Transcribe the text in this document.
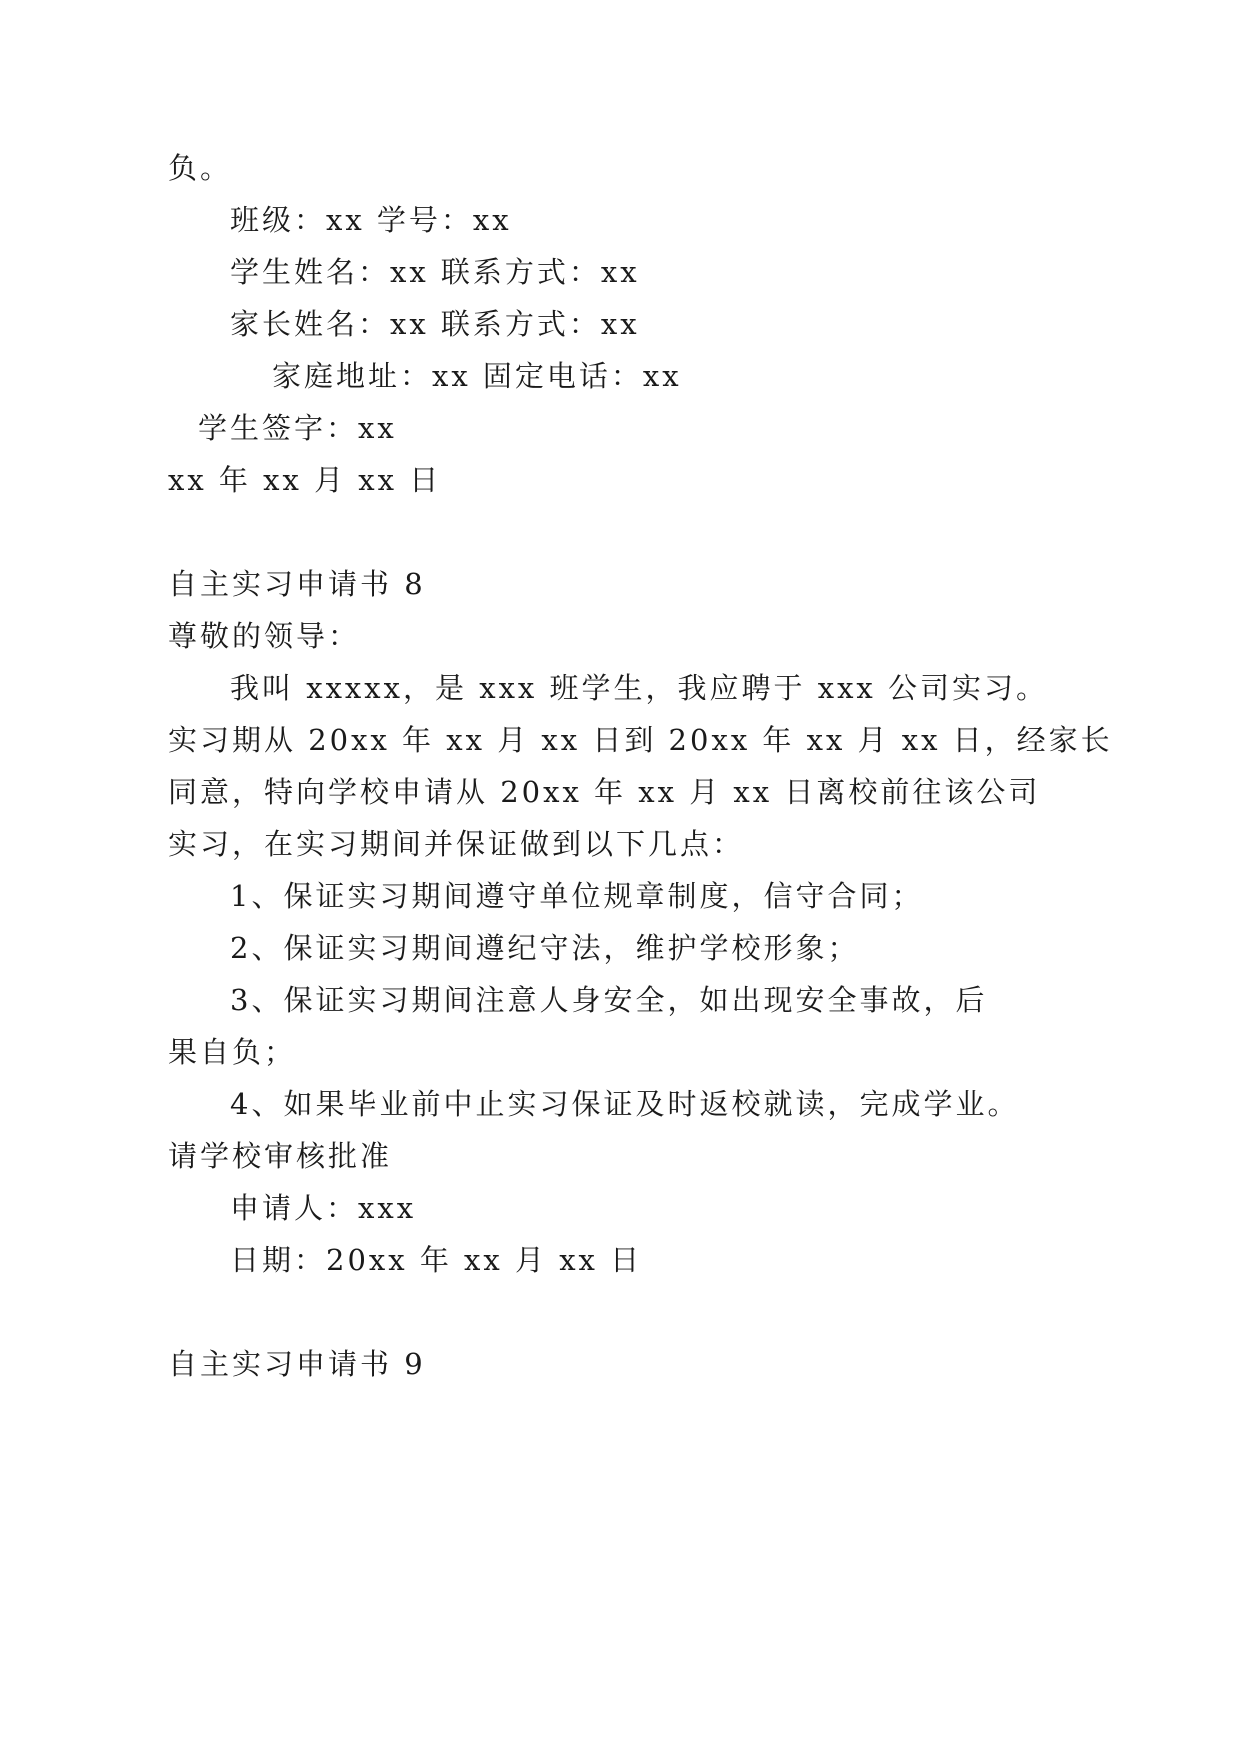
负。
班级：xx 学号：xx
学生姓名：xx 联系方式：xx
家长姓名：xx 联系方式：xx
家庭地址：xx 固定电话：xx
学生签字：xx
xx 年 xx 月 xx 日
自主实习申请书 8
尊敬的领导：
我叫 xxxxx，是 xxx 班学生，我应聘于 xxx 公司实习。
实习期从 20xx 年 xx 月 xx 日到 20xx 年 xx 月 xx 日，经家长
同意，特向学校申请从 20xx 年 xx 月 xx 日离校前往该公司
实习，在实习期间并保证做到以下几点：
1、保证实习期间遵守单位规章制度，信守合同；
2、保证实习期间遵纪守法，维护学校形象；
3、保证实习期间注意人身安全，如出现安全事故，后
果自负；
4、如果毕业前中止实习保证及时返校就读，完成学业。
请学校审核批准
申请人：xxx
日期：20xx 年 xx 月 xx 日
自主实习申请书 9
